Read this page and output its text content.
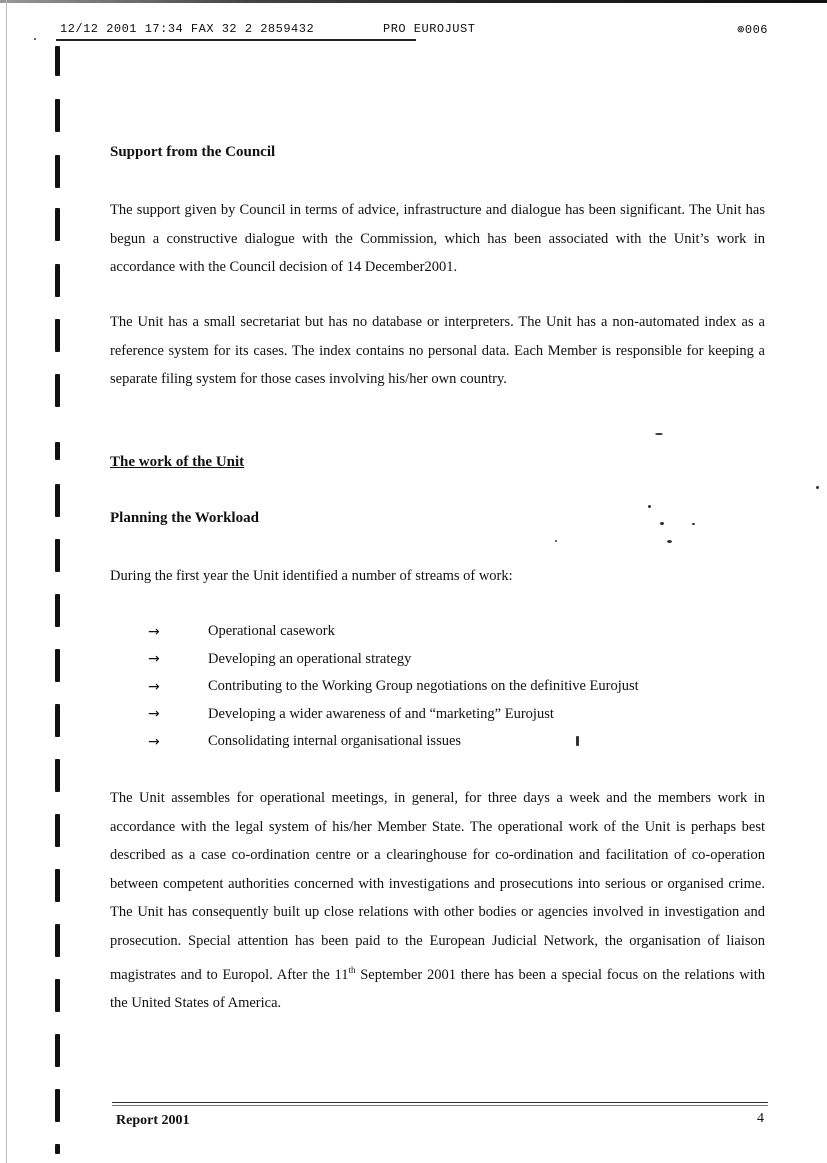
12/12 2001 17:34 FAX 32 2 2859432	PRO EUROJUST	⊚006
Support from the Council

The support given by Council in terms of advice, infrastructure and dialogue has been significant. The Unit has begun a constructive dialogue with the Commission, which has been associated with the Unit’s work in accordance with the Council decision of 14 December2001.

The Unit has a small secretariat but has no database or interpreters. The Unit has a non-automated index as a reference system for its cases. The index contains no personal data. Each Member is responsible for keeping a separate filing system for those cases involving his/her own country.

The work of the Unit
Planning the Workload

During the first year the Unit identified a number of streams of work:

→	Operational casework
→	Developing an operational strategy
→	Contributing to the Working Group negotiations on the definitive Eurojust
→	Developing a wider awareness of and “marketing” Eurojust
→	Consolidating internal organisational issues

The Unit assembles for operational meetings, in general, for three days a week and the members work in accordance with the legal system of his/her Member State. The operational work of the Unit is perhaps best described as a case co-ordination centre or a clearinghouse for co-ordination and facilitation of co-operation between competent authorities concerned with investigations and prosecutions into serious or organised crime. The Unit has consequently built up close relations with other bodies or agencies involved in investigation and prosecution. Special attention has been paid to the European Judicial Network, the organisation of liaison magistrates and to Europol. After the 11th September 2001 there has been a special focus on the relations with the United States of America.

Report 2001	4
